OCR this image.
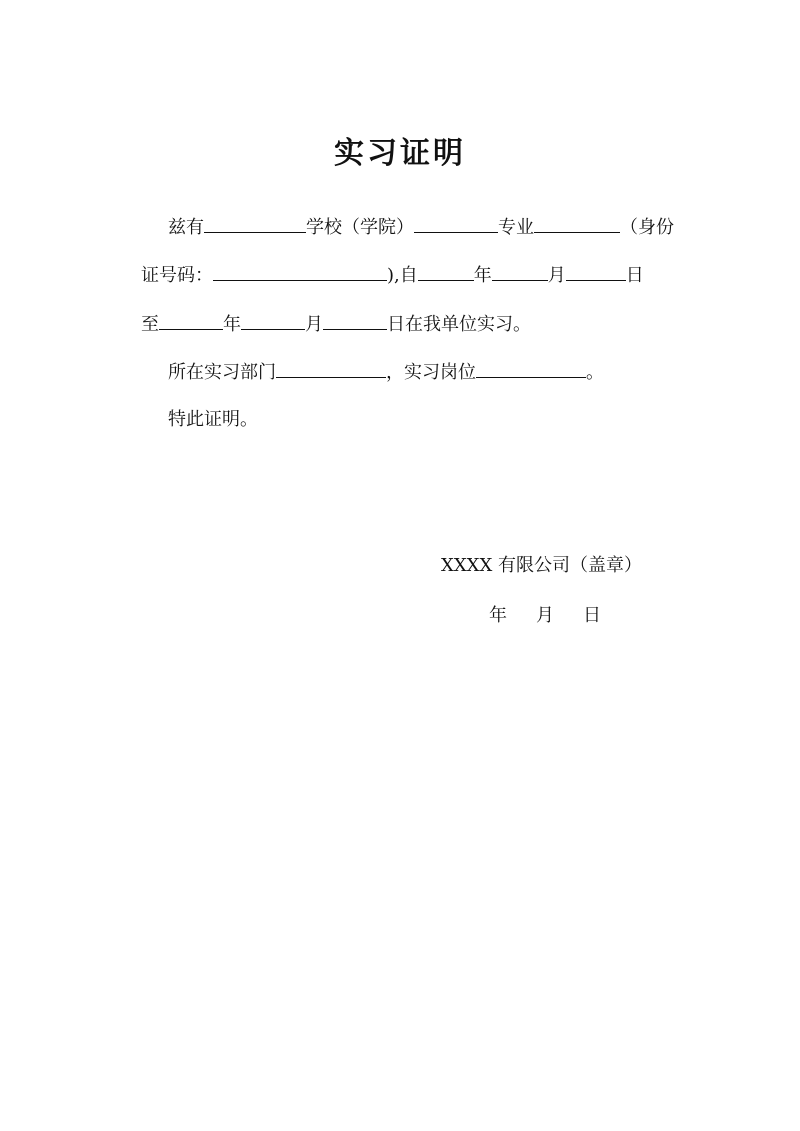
实习证明
兹有	学校（学院）	专业	（身份
证号码：	),自	年	月	日
至	年	月	日在我单位实习。
所在实习部门	，实习岗位	。
特此证明。
XXXX 有限公司（盖章）
年 月 日
